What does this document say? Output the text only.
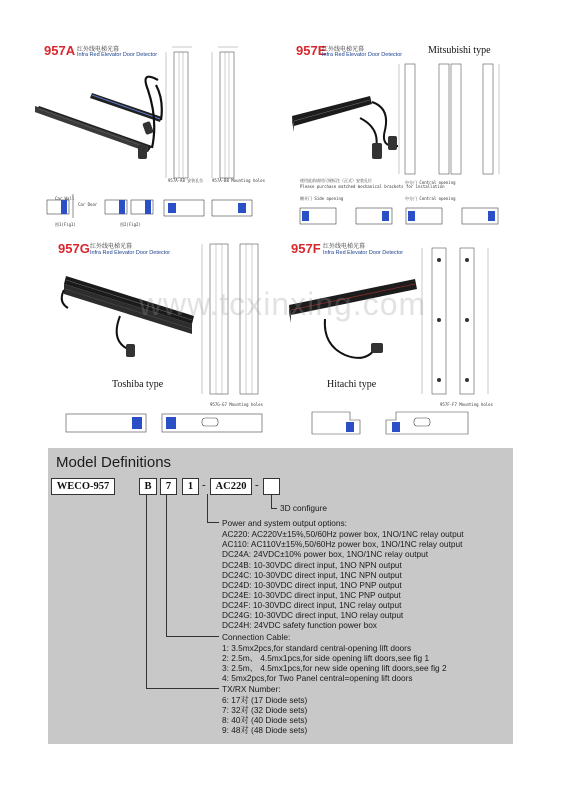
957A 红外线电梯光幕
Infra Red Elevator Door Detector
957A-A8 安装孔位 957A-B8 Mounting holes
Car Wall
Car Door
图1(Fig1)	图2(Fig2)
957E
红外线电梯光幕
Infra Red Elevator Door Detector	Mitsubishi type
使用此前请用尺规标注（正式）安装孔位
Please purchase matched mechanical brackets for installation
中分门 Central opening
侧开门 Side opening	中分门 Central opening
957G 红外线电梯光幕
Infra Red Elevator Door Detector
957G-G7 Mounting holes
Toshiba type
957F 红外线电梯光幕
Infra Red Elevator Door Detector
957F-F7 Mounting holes
Hitachi type
www.tcxinxing.com
Model Definitions
WECO-957	B	7	1 - AC220 -
3D configure
Power and system output options:
AC220: AC220V±15%,50/60Hz power box, 1NO/1NC relay output
AC110: AC110V±15%,50/60Hz power box, 1NO/1NC relay output
DC24A: 24VDC±10% power box, 1NO/1NC relay output
DC24B: 10-30VDC direct input, 1NO NPN output
DC24C: 10-30VDC direct input, 1NC NPN output
DC24D: 10-30VDC direct input, 1NO PNP output
DC24E: 10-30VDC direct input, 1NC PNP output
DC24F: 10-30VDC direct input, 1NC relay output
DC24G: 10-30VDC direct input, 1NO relay output
DC24H: 24VDC safety function power box
Connection Cable:
1: 3.5mx2pcs,for standard central-opening lift doors
2: 2.5m、 4.5mx1pcs,for side opening lift doors,see fig 1
3: 2.5m、 4.5mx1pcs,for new side opening lift doors,see fig 2
4: 5mx2pcs,for Two Panel central=opening lift doors
TX/RX Number:
6: 17对 (17 Diode sets)
7: 32对 (32 Diode sets)
8: 40对 (40 Diode sets)
9: 48对 (48 Diode sets)
